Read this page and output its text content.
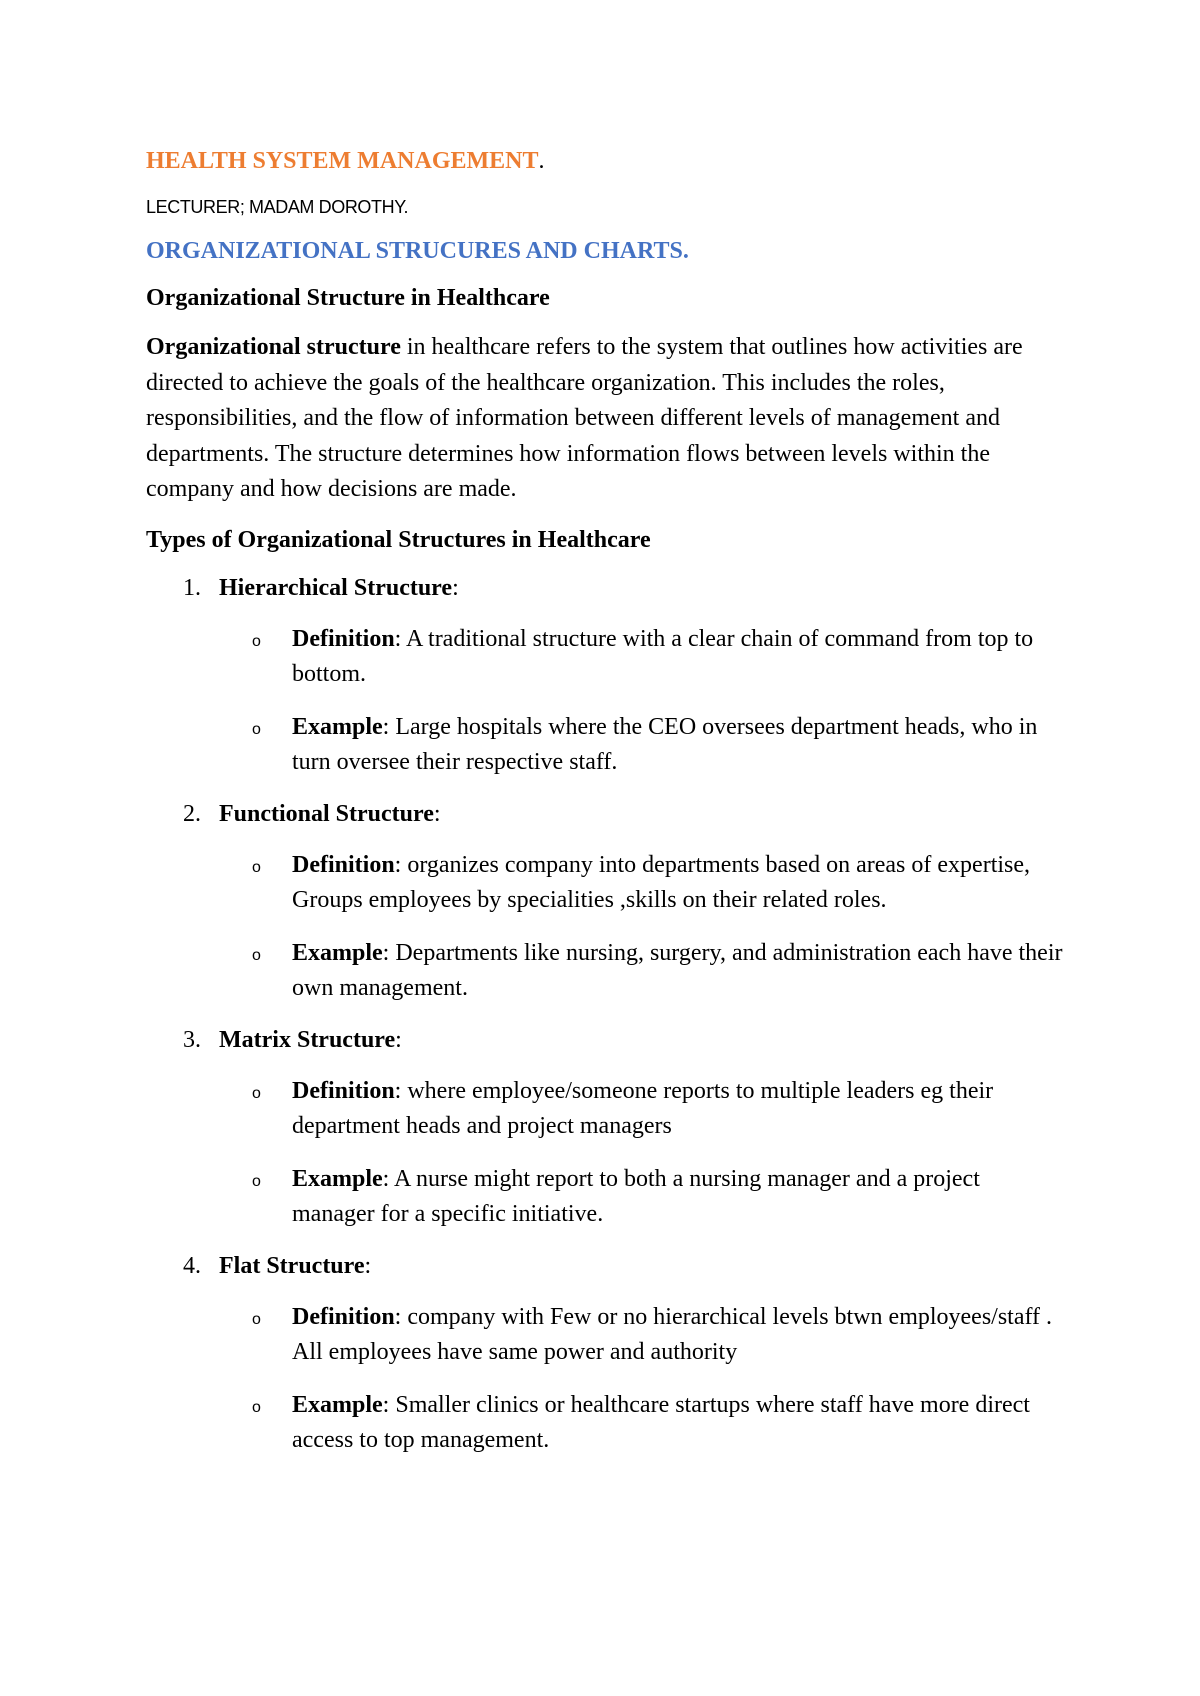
HEALTH SYSTEM MANAGEMENT.
LECTURER; MADAM DOROTHY.
ORGANIZATIONAL STRUCURES AND CHARTS.
Organizational Structure in Healthcare

Organizational structure in healthcare refers to the system that outlines how activities are directed to achieve the goals of the healthcare organization. This includes the roles, responsibilities, and the flow of information between different levels of management and departments. The structure determines how information flows between levels within the company and how decisions are made.

Types of Organizational Structures in Healthcare
1. Hierarchical Structure:
o Definition: A traditional structure with a clear chain of command from top to bottom.
o Example: Large hospitals where the CEO oversees department heads, who in turn oversee their respective staff.
2. Functional Structure:
o Definition: organizes company into departments based on areas of expertise, Groups employees by specialities ,skills on their related roles.
o Example: Departments like nursing, surgery, and administration each have their own management.
3. Matrix Structure:
o Definition: where employee/someone reports to multiple leaders eg their department heads and project managers
o Example: A nurse might report to both a nursing manager and a project manager for a specific initiative.
4. Flat Structure:
o Definition: company with Few or no hierarchical levels btwn employees/staff . All employees have same power and authority
o Example: Smaller clinics or healthcare startups where staff have more direct access to top management.
